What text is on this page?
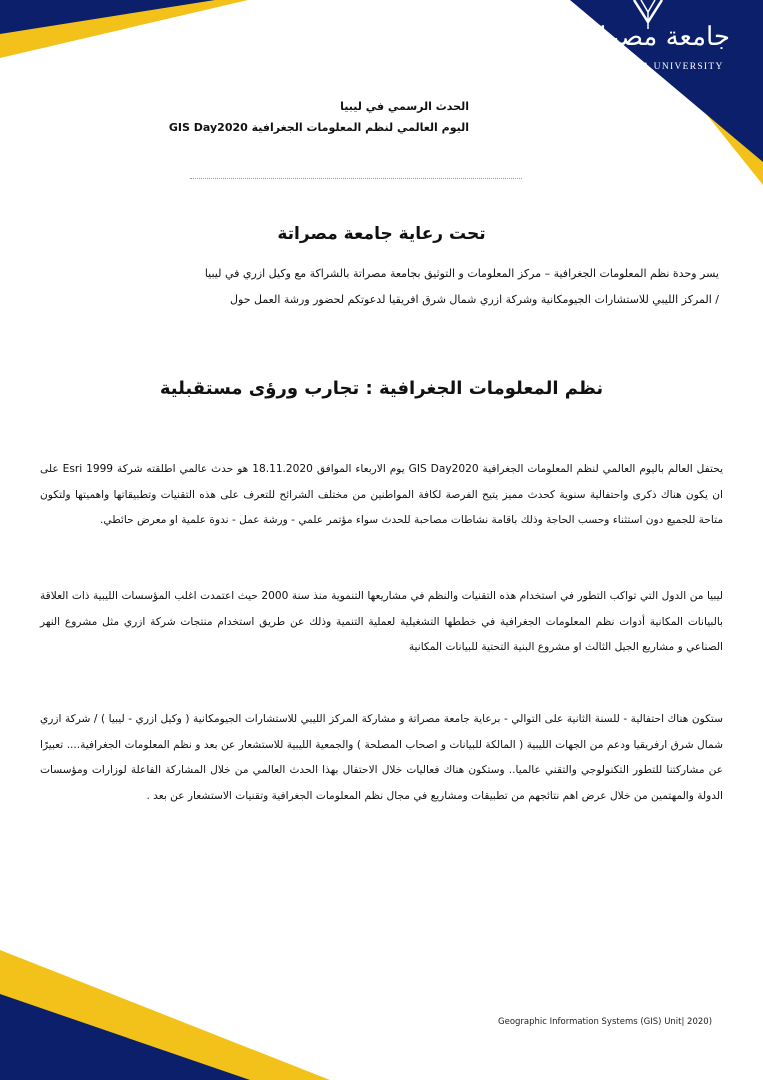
جامعة مصراتة
MISURATA UNIVERSITY
الحدث الرسمي في ليبيا
اليوم العالمي لنظم المعلومات الجغرافية GIS Day2020
تحت رعاية جامعة مصراتة
يسر وحدة نظم المعلومات الجغرافية – مركز المعلومات و التوثيق بجامعة مصراتة بالشراكة مع وكيل ازري في ليبيا
/ المركز الليبي للاستشارات الجيومكانية وشركة ازري شمال شرق افريقيا لدعوتكم لحضور ورشة العمل حول
نظم المعلومات الجغرافية : تجارب ورؤى مستقبلية
يحتفل العالم باليوم العالمي لنظم المعلومات الجغرافية GIS Day2020 يوم الاربعاء الموافق 18.11.2020 هو حدث عالمي اطلقته شركة Esri 1999 على ان يكون هناك ذكرى واحتفالية سنوية كحدث مميز يتيح الفرصة لكافة المواطنين من مختلف الشرائح للتعرف على هذه التقنيات وتطبيقاتها واهميتها ولتكون متاحة للجميع دون استثناء وحسب الحاجة وذلك باقامة نشاطات مصاحبة للحدث سواء مؤتمر علمي - ورشة عمل - ندوة علمية او معرض حائطي.
ليبيا من الدول التي تواكب التطور في استخدام هذه التقنيات والنظم في مشاريعها التنموية منذ سنة 2000 حيث اعتمدت اغلب المؤسسات الليبية ذات العلاقة بالبيانات المكانية أدوات نظم المعلومات الجغرافية في خططها التشغيلية لعملية التنمية وذلك عن طريق استخدام منتجات شركة ازري مثل مشروع النهر الصناعي و مشاريع الجيل الثالث او مشروع البنية التحتية للبيانات المكانية
ستكون هناك احتفالية - للسنة الثانية على التوالي - برعاية جامعة مصراتة و مشاركة المركز الليبي للاستشارات الجيومكانية ( وكيل ازري - ليبيا ) / شركة ازري شمال شرق ارفريقيا ودعم من الجهات الليبية ( المالكة للبيانات و اصحاب المصلحة ) والجمعية الليبية للاستشعار عن بعد و نظم المعلومات الجغرافية.... تعبيرًا عن مشاركتنا للتطور التكنولوجي والتقني عالميا.. وستكون هناك فعاليات خلال الاحتفال بهذا الحدث العالمي من خلال المشاركة الفاعلة لوزارات ومؤسسات الدولة والمهتمين من خلال عرض اهم نتائجهم من تطبيقات ومشاريع في مجال نظم المعلومات الجغرافية وتقنيات الاستشعار عن بعد .
Geographic Information Systems (GIS) Unit| 2020)
